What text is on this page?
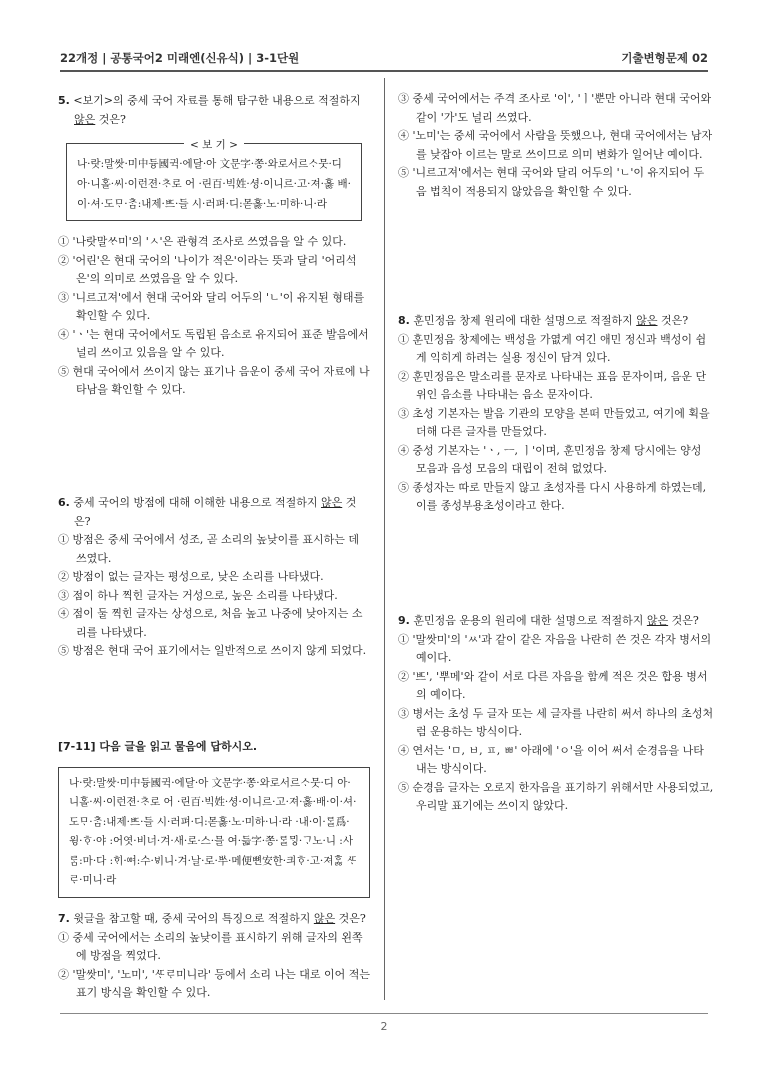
22개정 | 공통국어2 미래엔(신유식) | 3-1단원	기출변형문제 02

5. <보기>의 중세 국어 자료를 통해 탐구한 내용으로 적절하지 않은 것은?

< 보 기 >
나·랏:말쌋·미中듕國귁·에달·아 文문字·쫑·와로서르ᄉᆞ뭇·디 아·니홀·씨·이런젼·ᄎᆞ로 어 ·린百·빅姓·셩·이니르·고·져·홇 배·이·셔·도ᄆᆞ·ᄎᆞᆷ:내제·ᄠᅳ·들 시·러펴·디:몯홇·노·미하·니·라

① '나랏말ᄊᆞ미'의 'ㅅ'은 관형격 조사로 쓰였음을 알 수 있다.

② '어린'은 현대 국어의 '나이가 적은'이라는 뜻과 달리 '어리석은'의 의미로 쓰였음을 알 수 있다.

③ '니르고져'에서 현대 국어와 달리 어두의 'ㄴ'이 유지된 형태를 확인할 수 있다.

④ 'ㆍ'는 현대 국어에서도 독립된 음소로 유지되어 표준 발음에서 널리 쓰이고 있음을 알 수 있다.

⑤ 현대 국어에서 쓰이지 않는 표기나 음운이 중세 국어 자료에 나타남을 확인할 수 있다.

6. 중세 국어의 방점에 대해 이해한 내용으로 적절하지 않은 것은?

① 방점은 중세 국어에서 성조, 곧 소리의 높낮이를 표시하는 데 쓰였다.

② 방점이 없는 글자는 평성으로, 낮은 소리를 나타냈다.

③ 점이 하나 찍힌 글자는 거성으로, 높은 소리를 나타냈다.

④ 점이 둘 찍힌 글자는 상성으로, 처음 높고 나중에 낮아지는 소리를 나타냈다.

⑤ 방점은 현대 국어 표기에서는 일반적으로 쓰이지 않게 되었다.

[7-11] 다음 글을 읽고 물음에 답하시오.
나·랏:말쌋·미中듕國귁·에달·아 文문字·쫑·와로서르ᄉᆞ뭇·디 아·니홀·씨·이런젼·ᄎᆞ로 어 ·린百·빅姓·셩·이니르·고·져·홇·배·이·셔·도ᄆᆞ·ᄎᆞᆷ:내제·ᄠᅳ·들 시·러펴·디:몯홇·노·미하·니·라 ·내·이·ᄅᆞᆯ爲·윙·ᄒᆞ·야 :어엿·비너·겨·새·로·스·믈 여·듧字·쫑·ᄅᆞᆯᄆᆡᇰ·ᄀᆞ노·니 :사ᄅᆞᆷ:마·다 :ᄒᆡ·ᅇᅧ:수·ᄫᅵ니·겨·날·로·ᄡᅮ·메便뼌安한·킈ᄒᆞ·고·져ᄒᆞᇙ ᄯᆞᄅᆞ·미니·라

7. 윗글을 참고할 때, 중세 국어의 특징으로 적절하지 않은 것은?

① 중세 국어에서는 소리의 높낮이를 표시하기 위해 글자의 왼쪽에 방점을 찍었다.

② '말쌋미', '노미', 'ᄯᆞᄅᆞ미니라' 등에서 소리 나는 대로 이어 적는 표기 방식을 확인할 수 있다.

③ 중세 국어에서는 주격 조사로 '이', 'ㅣ'뿐만 아니라 현대 국어와 같이 '가'도 널리 쓰였다.

④ '노미'는 중세 국어에서 사람을 뜻했으나, 현대 국어에서는 남자를 낮잡아 이르는 말로 쓰이므로 의미 변화가 일어난 예이다.

⑤ '니르고져'에서는 현대 국어와 달리 어두의 'ㄴ'이 유지되어 두음 법칙이 적용되지 않았음을 확인할 수 있다.

8. 훈민정음 창제 원리에 대한 설명으로 적절하지 않은 것은?

① 훈민정음 창제에는 백성을 가엾게 여긴 애민 정신과 백성이 쉽게 익히게 하려는 실용 정신이 담겨 있다.

② 훈민정음은 말소리를 문자로 나타내는 표음 문자이며, 음운 단위인 음소를 나타내는 음소 문자이다.

③ 초성 기본자는 발음 기관의 모양을 본떠 만들었고, 여기에 획을 더해 다른 글자를 만들었다.

④ 중성 기본자는 'ㆍ, ㅡ, ㅣ'이며, 훈민정음 창제 당시에는 양성 모음과 음성 모음의 대립이 전혀 없었다.

⑤ 종성자는 따로 만들지 않고 초성자를 다시 사용하게 하였는데, 이를 종성부용초성이라고 한다.

9. 훈민정음 운용의 원리에 대한 설명으로 적절하지 않은 것은?

① '말쌋미'의 'ㅆ'과 같이 같은 자음을 나란히 쓴 것은 각자 병서의 예이다.

② 'ᄠᅳ', '뿌메'와 같이 서로 다른 자음을 함께 적은 것은 합용 병서의 예이다.

③ 병서는 초성 두 글자 또는 세 글자를 나란히 써서 하나의 초성처럼 운용하는 방식이다.

④ 연서는 'ㅁ, ㅂ, ㅍ, ㅃ' 아래에 'ㅇ'을 이어 써서 순경음을 나타내는 방식이다.

⑤ 순경음 글자는 오로지 한자음을 표기하기 위해서만 사용되었고, 우리말 표기에는 쓰이지 않았다.

2
